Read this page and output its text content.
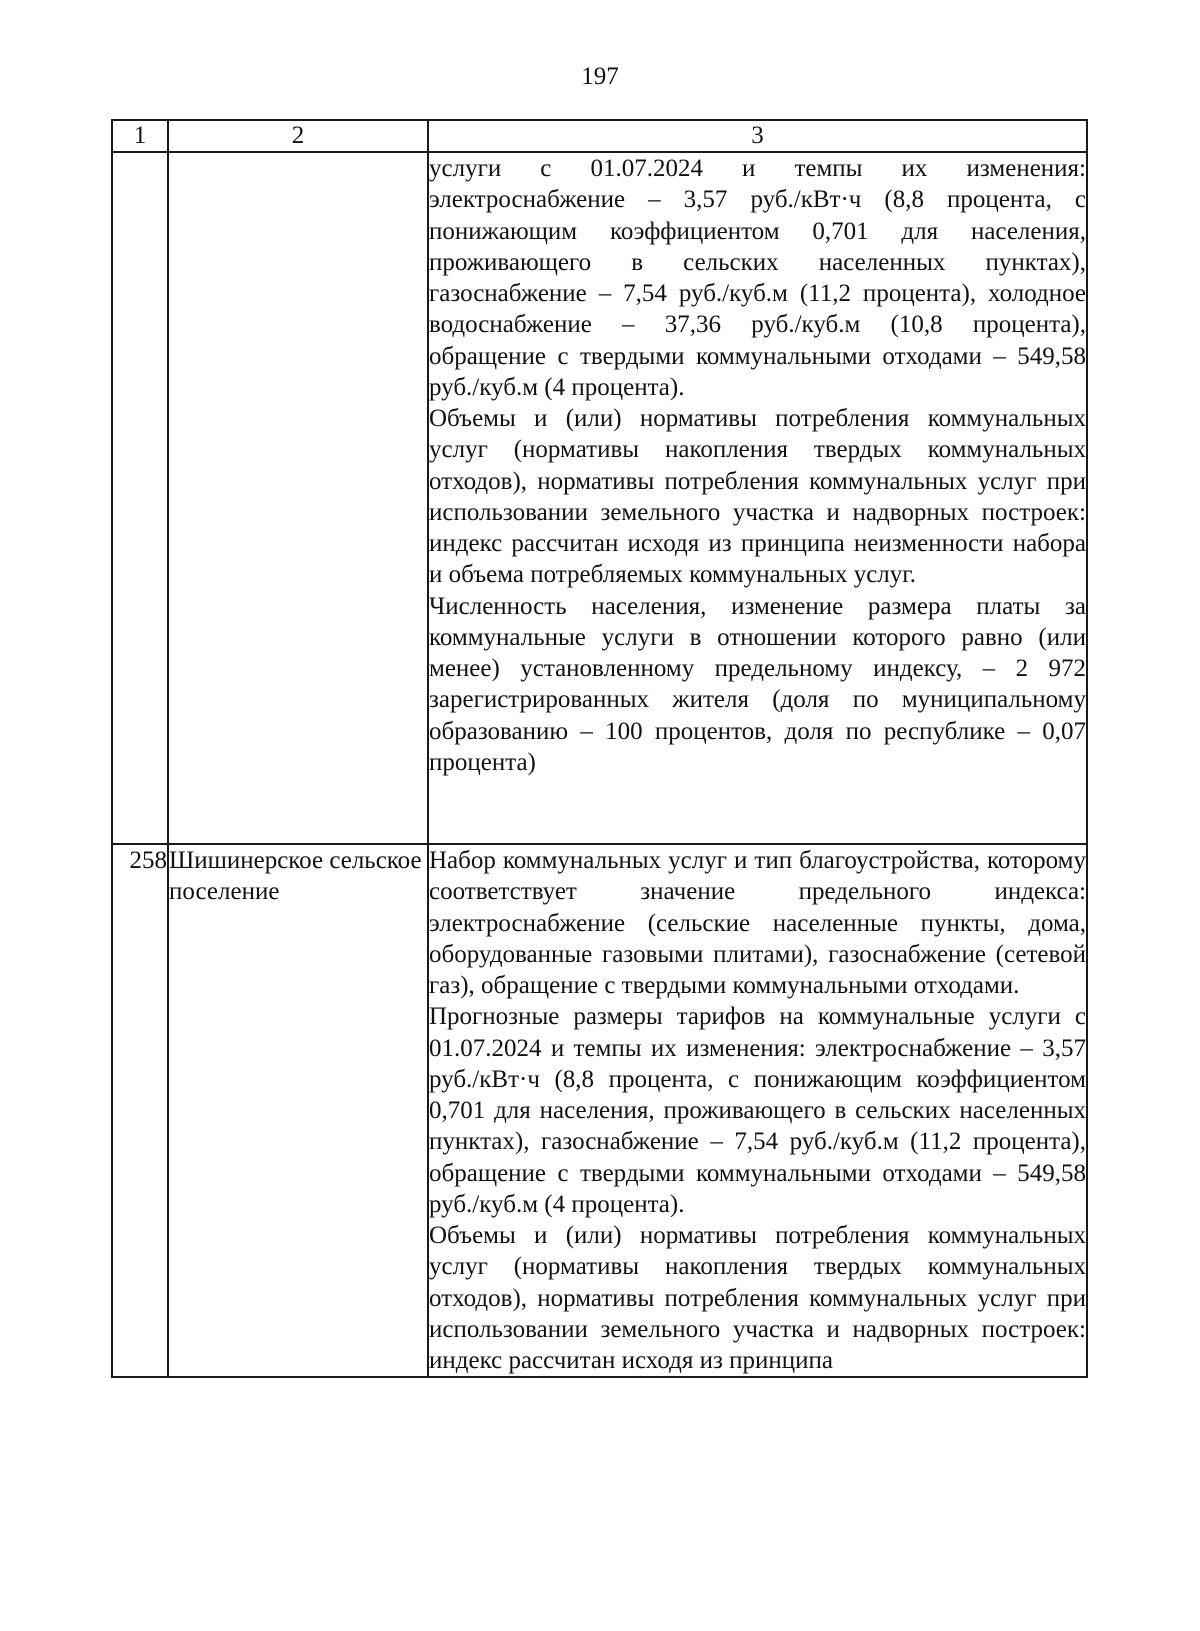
197
1	2	3

		услуги с 01.07.2024 и темпы их изменения: электроснабжение – 3,57 руб./кВт·ч (8,8 процента, с понижающим коэффициентом 0,701 для населения, проживающего в сельских населенных пунктах), газоснабжение – 7,54 руб./куб.м (11,2 процента), холодное водоснабжение – 37,36 руб./куб.м (10,8 процента), обращение с твердыми коммунальными отходами – 549,58 руб./куб.м (4 процента).

Объемы и (или) нормативы потребления коммунальных услуг (нормативы накопления твердых коммунальных отходов), нормативы потребления коммунальных услуг при использовании земельного участка и надворных построек: индекс рассчитан исходя из принципа неизменности набора и объема потребляемых коммунальных услуг.

Численность населения, изменение размера платы за коммунальные услуги в отношении которого равно (или менее) установленному предельному индексу, – 2 972 зарегистрированных жителя (доля по муниципальному образованию – 100 процентов, доля по республике – 0,07 процента)

258	Шишинерское сельское поселение	Набор коммунальных услуг и тип благоустройства, которому соответствует значение предельного индекса: электроснабжение (сельские населенные пункты, дома, оборудованные газовыми плитами), газоснабжение (сетевой газ), обращение с твердыми коммунальными отходами.

Прогнозные размеры тарифов на коммунальные услуги с 01.07.2024 и темпы их изменения: электроснабжение – 3,57 руб./кВт·ч (8,8 процента, с понижающим коэффициентом 0,701 для населения, проживающего в сельских населенных пунктах), газоснабжение – 7,54 руб./куб.м (11,2 процента), обращение с твердыми коммунальными отходами – 549,58 руб./куб.м (4 процента).

Объемы и (или) нормативы потребления коммунальных услуг (нормативы накопления твердых коммунальных отходов), нормативы потребления коммунальных услуг при использовании земельного участка и надворных построек: индекс рассчитан исходя из принципа
